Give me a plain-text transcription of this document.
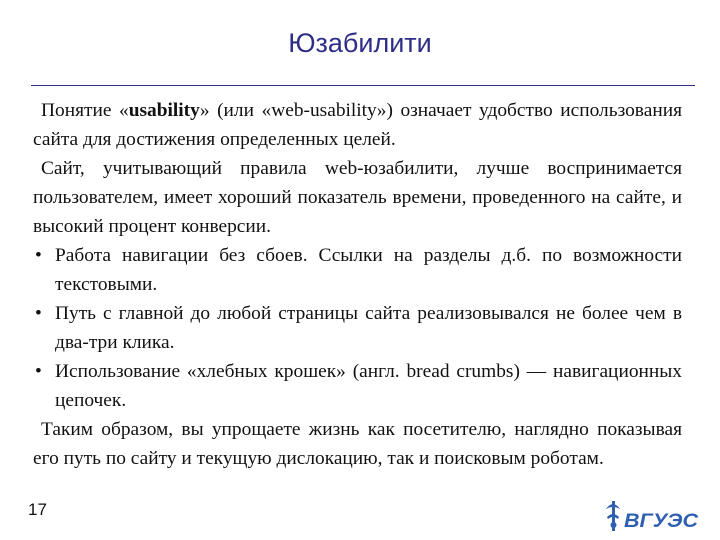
Юзабилити

Понятие «usability» (или «web-usability») означает удобство использования сайта для достижения определенных целей.

Сайт, учитывающий правила web-юзабилити, лучше воспринимается пользователем, имеет хороший показатель времени, проведенного на сайте, и высокий процент конверсии.

• Работа навигации без сбоев. Ссылки на разделы д.б. по возможности текстовыми.
• Путь с главной до любой страницы сайта реализовывался не более чем в два-три клика.
• Использование «хлебных крошек» (англ. bread crumbs) — навигационных цепочек.

Таким образом, вы упрощаете жизнь как посетителю, наглядно показывая его путь по сайту и текущую дислокацию, так и поисковым роботам.

17
ВГУЭС
